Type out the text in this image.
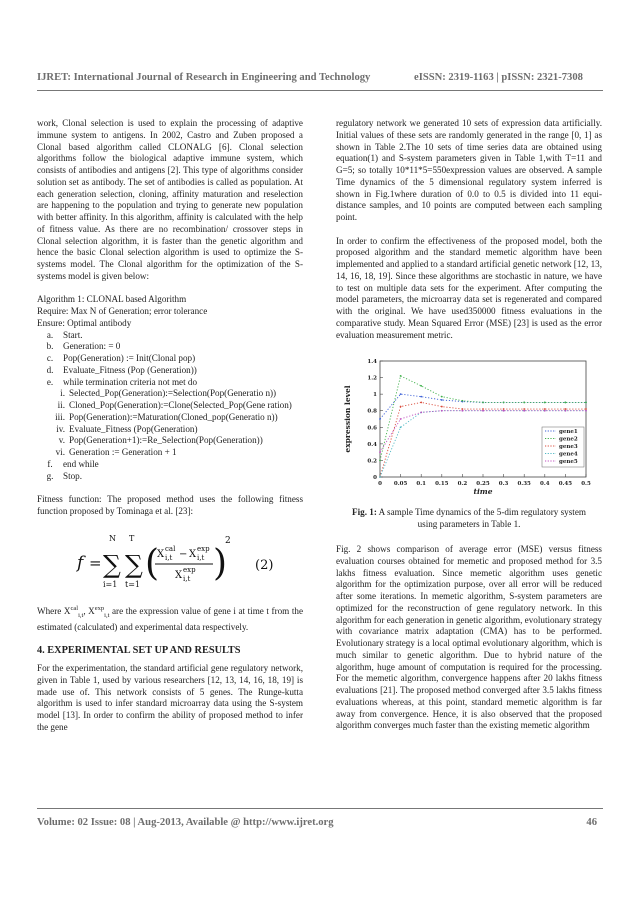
IJRET: International Journal of Research in Engineering and Technology	eISSN: 2319-1163 | pISSN: 2321-7308

work, Clonal selection is used to explain the processing of adaptive immune system to antigens. In 2002, Castro and Zuben proposed a Clonal based algorithm called CLONALG [6]. Clonal selection algorithms follow the biological adaptive immune system, which consists of antibodies and antigens [2]. This type of algorithms consider solution set as antibody. The set of antibodies is called as population. At each generation selection, cloning, affinity maturation and reselection are happening to the population and trying to generate new population with better affinity. In this algorithm, affinity is calculated with the help of fitness value. As there are no recombination/ crossover steps in Clonal selection algorithm, it is faster than the genetic algorithm and hence the basic Clonal selection algorithm is used to optimize the S-systems model. The Clonal algorithm for the optimization of the S-systems model is given below:

Algorithm 1: CLONAL based Algorithm
Require: Max N of Generation; error tolerance
Ensure: Optimal antibody
a.	Start.
b.	Generation: = 0
c.	Pop(Generation) := Init(Clonal pop)
d.	Evaluate_Fitness (Pop (Generation))
e.	while termination criteria not met do
i. Selected_Pop(Generation):=Selection(Pop(Generatio n))
ii. Cloned_Pop(Generation):=Clone(Selected_Pop(Gene ration)
iii. Pop(Generation):=Maturation(Cloned_pop(Generatio n))
iv. Evaluate_Fitness (Pop(Generation)
v. Pop(Generation+1):=Re_Selection(Pop(Generation))
vi. Generation := Generation + 1
f.	end while
g.	Stop.

Fitness function: The proposed method uses the following fitness function proposed by Tominaga et al. [23]:

f =
N
∑
i=1
T
∑
t=1
(
X cal
i,t − X exp
i,t
X exp
i,t )
2
(2)

Where $X^{cal}_{i,t}$, $X^{exp}_{i,t}$ are the expression value of gene i at time t from the estimated (calculated) and experimental data respectively.

4. EXPERIMENTAL SET UP AND RESULTS

For the experimentation, the standard artificial gene regulatory network, given in Table 1, used by various researchers [12, 13, 14, 16, 18, 19] is made use of. This network consists of 5 genes. The Runge-kutta algorithm is used to infer standard microarray data using the S-system model [13]. In order to confirm the ability of proposed method to infer the gene

regulatory network we generated 10 sets of expression data artificially. Initial values of these sets are randomly generated in the range [0, 1] as shown in Table 2.The 10 sets of time series data are obtained using equation(1) and S-system parameters given in Table 1,with T=11 and G=5; so totally 10*11*5=550expression values are observed. A sample Time dynamics of the 5 dimensional regulatory system inferred is shown in Fig.1where duration of 0.0 to 0.5 is divided into 11 equi-distance samples, and 10 points are computed between each sampling point.

In order to confirm the effectiveness of the proposed model, both the proposed algorithm and the standard memetic algorithm have been implemented and applied to a standard artificial genetic network [12, 13, 14, 16, 18, 19]. Since these algorithms are stochastic in nature, we have to test on multiple data sets for the experiment. After computing the model parameters, the microarray data set is regenerated and compared with the original. We have used350000 fitness evaluations in the comparative study. Mean Squared Error (MSE) [23] is used as the error evaluation measurement metric.

0
0.2
0.4
0.6
0.8
1
1.2
1.4
0 0.05 0.1 0.15 0.2 0.25 0.3 0.35 0.4 0.45 0.5
time
expression level	gene1
gene2
gene3
gene4
gene5
Fig. 1: A sample Time dynamics of the 5-dim regulatory system using parameters in Table 1.

Fig. 2 shows comparison of average error (MSE) versus fitness evaluation courses obtained for memetic and proposed method for 3.5 lakhs fitness evaluation. Since memetic algorithm uses genetic algorithm for the optimization purpose, over all error will be reduced after some iterations. In memetic algorithm, S-system parameters are optimized for the reconstruction of gene regulatory network. In this algorithm for each generation in genetic algorithm, evolutionary strategy with covariance matrix adaptation (CMA) has to be performed. Evolutionary strategy is a local optimal evolutionary algorithm, which is much similar to genetic algorithm. Due to hybrid nature of the algorithm, huge amount of computation is required for the processing. For the memetic algorithm, convergence happens after 20 lakhs fitness evaluations [21]. The proposed method converged after 3.5 lakhs fitness evaluations whereas, at this point, standard memetic algorithm is far away from convergence. Hence, it is also observed that the proposed algorithm converges much faster than the existing memetic algorithm

Volume: 02 Issue: 08 | Aug-2013, Available @ http://www.ijret.org	46
